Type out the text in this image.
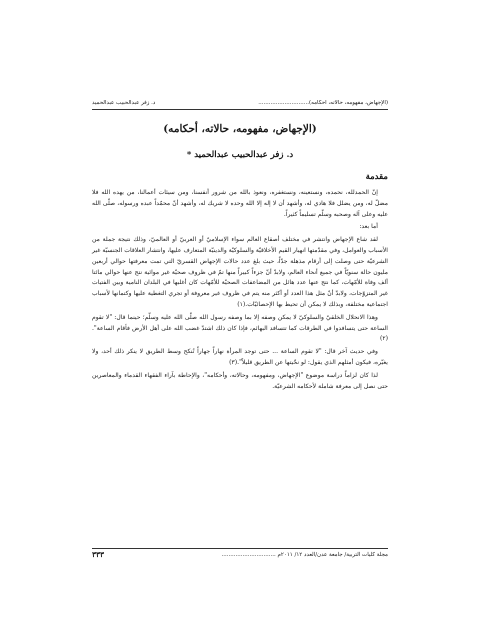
(الإجهاض، مفهومه، حالاته، أحكامه).............................
د. زفر عبدالحبيب عبدالحميد
(الإجهاض، مفهومه، حالاته، أحكامه)
د. زفر عبدالحبيب عبدالحميد *
مقدمة

إنّ الحمدلله، نحمده، ونستعينه، ونستغفره، ونعوذ بالله من شرور أنفسنا، ومن سيئات أعمالنا، من يهده الله فلا مضلّ له، ومن يضلل فلا هادي له، وأشهد أن لا إله إلا الله وحده لا شريك له، وأشهد أنّ محمّداً عبده ورسوله، صلّى الله عليه وعلى آله وصحبه وسلّم تسليماً كثيراً.

أما بعد:

لقد شاع الإجهاض وانتشر في مختلف أصقاع العالم سواء الإسلاميّ أو العربيّ أو العالميّ، وذلك نتيجة جملة من الأسباب والعوامل، وفي مقدّمتها انهيار القيم الأخلاقيّة والسلوكيّة والدينيّة المتعارف عليها، وانتشار العلاقات الجنسيّة غير الشرعيّة حتى وصلت إلى أرقام مذهلة جدّاً، حيث بلغ عدد حالات الإجهاض القسريّ التي تمت معرفتها حوالي أربعين مليون حالة سنويّاً في جميع أنحاء العالم، ولابدّ أنّ جزءاً كبيراً منها تمّ في ظروف صحيّة غير موائية نتج عنها حوالي مائتا ألف وفاة للأمّهات، كما نتج عنها عدد هائل من المضاعفات الصحيّة للأمّهات كان أغلبها في البلدان النامية وبين الفتيات غير المتزوّجات، ولابدّ أنّ مثل هذا العدد أو أكثر منه يتم في ظروف غير معروفة أو تجري التغطية عليها وكتمانها لأسباب اجتماعية مختلفة، وبذلك لا يمكن أن تحيط بها الإحصائيّات.(١)

وهذا الانحلال الخلقيّ والسلوكيّ لا يمكن وصفه إلا بما وصفه رسول الله صلّى الله عليه وسلّم؛ حينما قال: "لا تقوم الساعة حتى يتسافدوا في الطرقات كما تتسافد البهائم، فإذا كان ذلك اشتدّ غضب الله على أهل الأرض فأقام الساعة".(٢)

وفي حديث آخر قال: "لا تقوم الساعة ... حتى توجد المرأة نهاراً جهاراً تُنكح وسط الطريق لا ينكر ذلك أحد، ولا يغيّره، فيكون أمثلهم الذي يقول: لو نحّيتها عن الطريق قليلاً".(٣)

لذا كان لزاماً دراسة موضوع "الإجهاض، ومفهومه، وحالاته، وأحكامه"، والإحاطة بآراء الفقهاء القدماء والمعاصرين حتى نصل إلى معرفة شاملة لأحكامه الشرعيّة.

مجلة كليات التربية/ جامعة عدن/العدد ١٢/ ٢٠١١م ...............................
٣٣٣
